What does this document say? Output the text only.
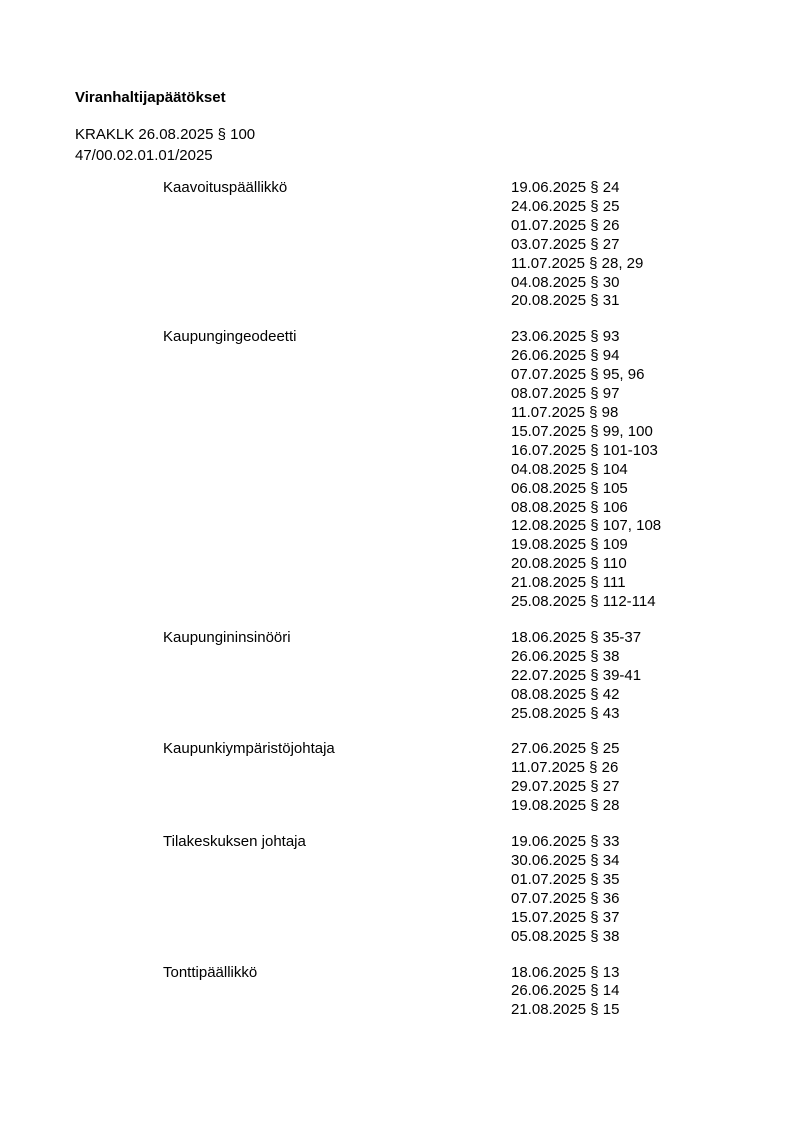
Viranhaltijapäätökset
KRAKLK 26.08.2025 § 100
47/00.02.01.01/2025
Kaavoituspäällikkö	19.06.2025 § 24
24.06.2025 § 25
01.07.2025 § 26
03.07.2025 § 27
11.07.2025 § 28, 29
04.08.2025 § 30
20.08.2025 § 31
Kaupungingeodeetti	23.06.2025 § 93
26.06.2025 § 94
07.07.2025 § 95, 96
08.07.2025 § 97
11.07.2025 § 98
15.07.2025 § 99, 100
16.07.2025 § 101-103
04.08.2025 § 104
06.08.2025 § 105
08.08.2025 § 106
12.08.2025 § 107, 108
19.08.2025 § 109
20.08.2025 § 110
21.08.2025 § 111
25.08.2025 § 112-114
Kaupungininsinööri	18.06.2025 § 35-37
26.06.2025 § 38
22.07.2025 § 39-41
08.08.2025 § 42
25.08.2025 § 43
Kaupunkiympäristöjohtaja	27.06.2025 § 25
11.07.2025 § 26
29.07.2025 § 27
19.08.2025 § 28
Tilakeskuksen johtaja	19.06.2025 § 33
30.06.2025 § 34
01.07.2025 § 35
07.07.2025 § 36
15.07.2025 § 37
05.08.2025 § 38
Tonttipäällikkö	18.06.2025 § 13
26.06.2025 § 14
21.08.2025 § 15
